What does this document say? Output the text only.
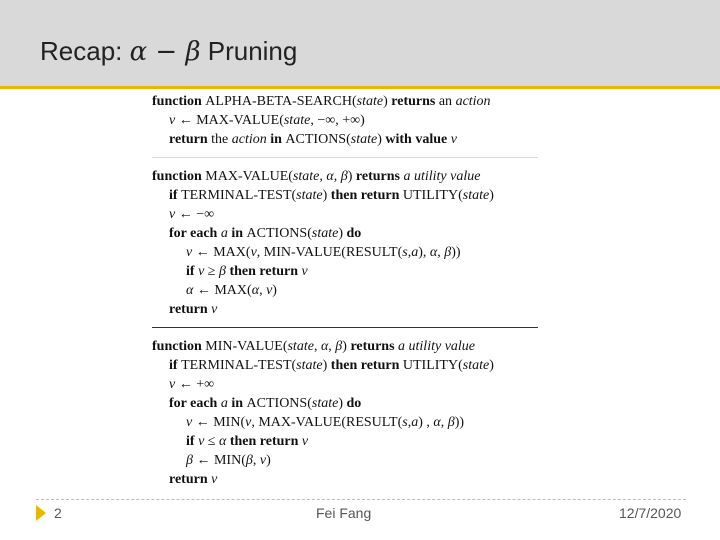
Recap: α − β Pruning
function ALPHA-BETA-SEARCH(state) returns an action
v ← MAX-VALUE(state, −∞, +∞)
return the action in ACTIONS(state) with value v
function MAX-VALUE(state, α, β) returns a utility value
if TERMINAL-TEST(state) then return UTILITY(state)
v ← −∞
for each a in ACTIONS(state) do
v ← MAX(v, MIN-VALUE(RESULT(s,a), α, β))
if v ≥ β then return v
α ← MAX(α, v)
return v
function MIN-VALUE(state, α, β) returns a utility value
if TERMINAL-TEST(state) then return UTILITY(state)
v ← +∞
for each a in ACTIONS(state) do
v ← MIN(v, MAX-VALUE(RESULT(s,a) , α, β))
if v ≤ α then return v
β ← MIN(β, v)
return v
2	Fei Fang	12/7/2020
